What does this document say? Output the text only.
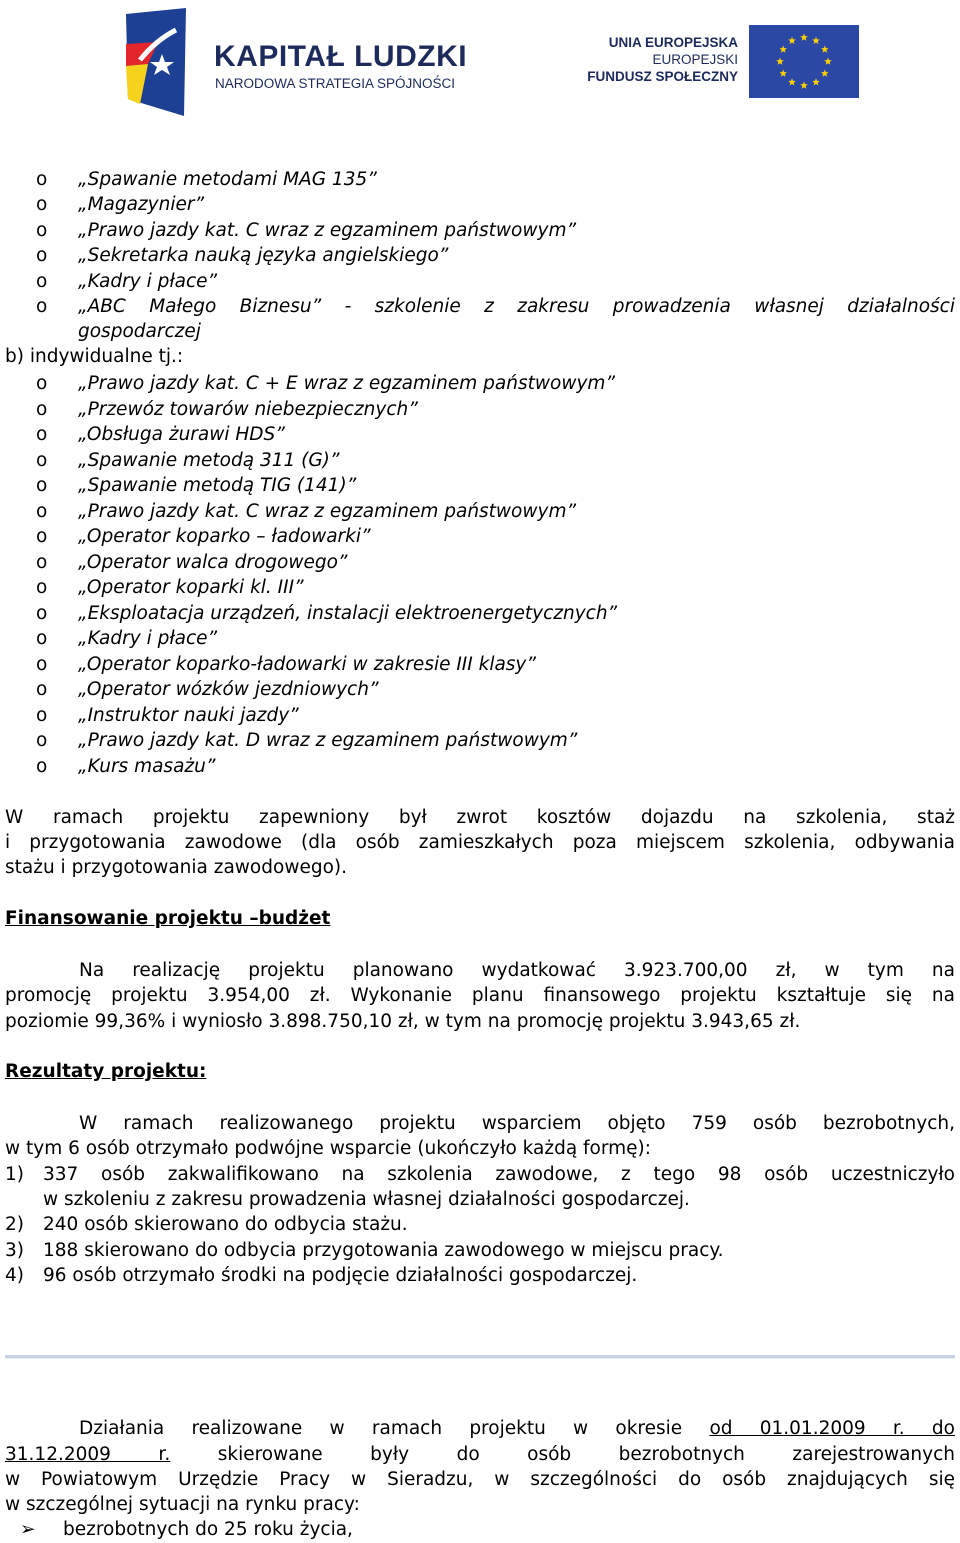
KAPITAŁ LUDZKI
NARODOWA STRATEGIA SPÓJNOŚCI
UNIA EUROPEJSKA
EUROPEJSKI
FUNDUSZ SPOŁECZNY
o „Spawanie metodami MAG 135”
o „Magazynier”
o „Prawo jazdy kat. C wraz z egzaminem państwowym”
o „Sekretarka nauką języka angielskiego”
o „Kadry i płace”
o „ABC Małego Biznesu” - szkolenie z zakresu prowadzenia własnej działalności
gospodarczej
b) indywidualne tj.:
o „Prawo jazdy kat. C + E wraz z egzaminem państwowym”
o „Przewóz towarów niebezpiecznych”
o „Obsługa żurawi HDS”
o „Spawanie metodą 311 (G)”
o „Spawanie metodą TIG (141)”
o „Prawo jazdy kat. C wraz z egzaminem państwowym”
o „Operator koparko – ładowarki”
o „Operator walca drogowego”
o „Operator koparki kl. III”
o „Eksploatacja urządzeń, instalacji elektroenergetycznych”
o „Kadry i płace”
o „Operator koparko-ładowarki w zakresie III klasy”
o „Operator wózków jezdniowych”
o „Instruktor nauki jazdy”
o „Prawo jazdy kat. D wraz z egzaminem państwowym”
o „Kurs masażu”
W ramach projektu zapewniony był zwrot kosztów dojazdu na szkolenia, staż
i przygotowania zawodowe (dla osób zamieszkałych poza miejscem szkolenia, odbywania
stażu i przygotowania zawodowego).
Finansowanie projektu –budżet
Na realizację projektu planowano wydatkować 3.923.700,00 zł, w tym na
promocję projektu 3.954,00 zł. Wykonanie planu finansowego projektu kształtuje się na
poziomie 99,36% i wyniosło 3.898.750,10 zł, w tym na promocję projektu 3.943,65 zł.
Rezultaty projektu:
W ramach realizowanego projektu wsparciem objęto 759 osób bezrobotnych,
w tym 6 osób otrzymało podwójne wsparcie (ukończyło każdą formę):
1) 337 osób zakwalifikowano na szkolenia zawodowe, z tego 98 osób uczestniczyło
w szkoleniu z zakresu prowadzenia własnej działalności gospodarczej.
2) 240 osób skierowano do odbycia stażu.
3) 188 skierowano do odbycia przygotowania zawodowego w miejscu pracy.
4) 96 osób otrzymało środki na podjęcie działalności gospodarczej.
Działania realizowane w ramach projektu w okresie od 01.01.2009 r. do
31.12.2009 r.	skierowane były do osób bezrobotnych zarejestrowanych
w Powiatowym Urzędzie Pracy w Sieradzu, w szczególności do osób znajdujących się
w szczególnej sytuacji na rynku pracy:
➢ bezrobotnych do 25 roku życia,
